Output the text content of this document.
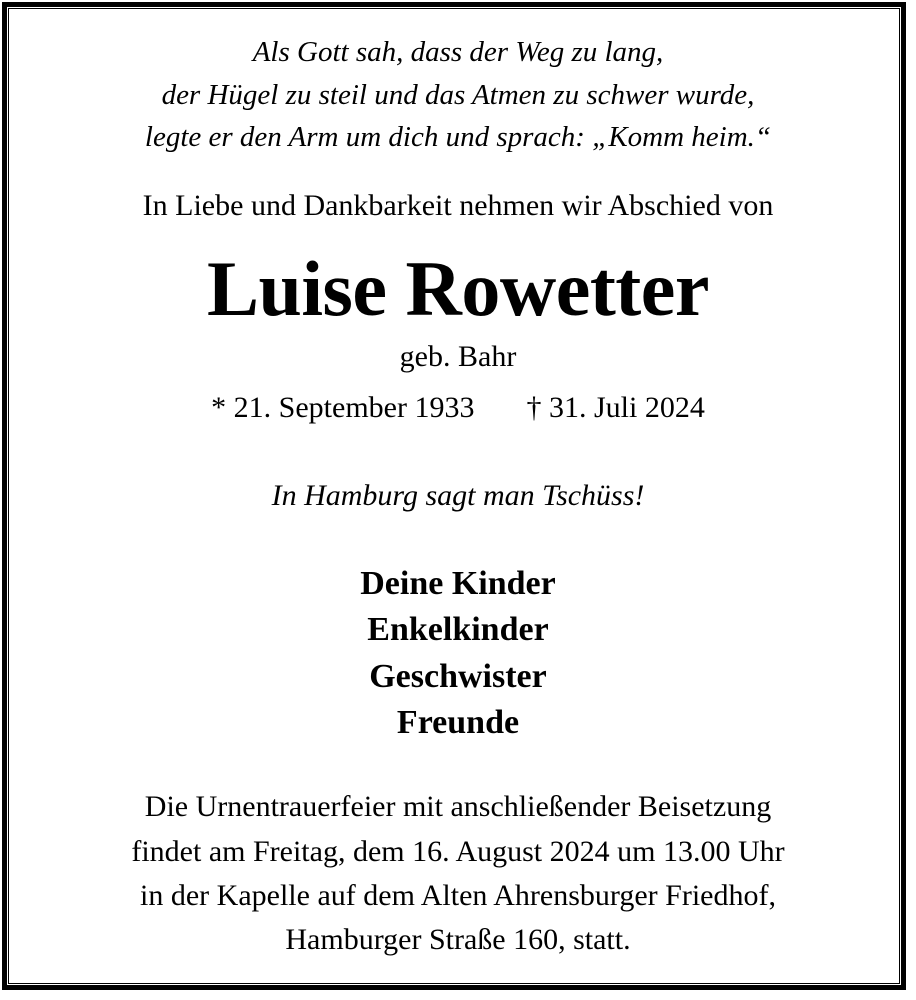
Als Gott sah, dass der Weg zu lang,
der Hügel zu steil und das Atmen zu schwer wurde,
legte er den Arm um dich und sprach: „Komm heim.“
In Liebe und Dankbarkeit nehmen wir Abschied von
Luise Rowetter
geb. Bahr
* 21. September 1933 † 31. Juli 2024
In Hamburg sagt man Tschüss!
Deine Kinder
Enkelkinder
Geschwister
Freunde
Die Urnentrauerfeier mit anschließender Beisetzung
findet am Freitag, dem 16. August 2024 um 13.00 Uhr
in der Kapelle auf dem Alten Ahrensburger Friedhof,
Hamburger Straße 160, statt.
